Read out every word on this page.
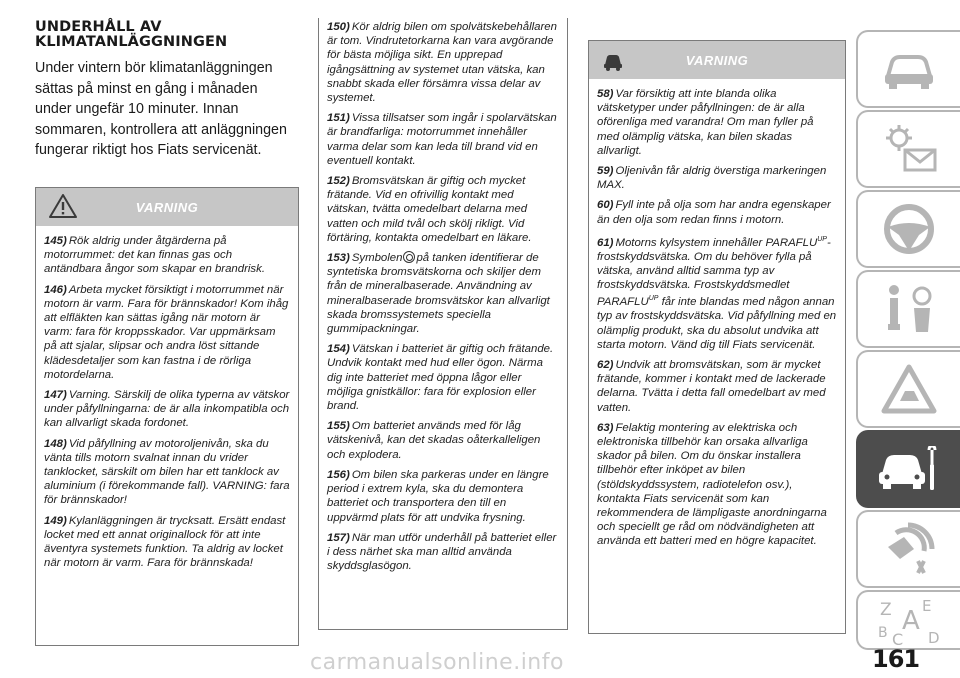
UNDERHÅLL AV
KLIMATANLÄGGNINGEN

Under vintern bör klimatanläggningen sättas på minst en gång i månaden under ungefär 10 minuter. Innan sommaren, kontrollera att anläggningen fungerar riktigt hos Fiats servicenät.

VARNING

145) Rök aldrig under åtgärderna på motorrummet: det kan finnas gas och antändbara ångor som skapar en brandrisk.

146) Arbeta mycket försiktigt i motorrummet när motorn är varm. Fara för brännskador! Kom ihåg att elfläkten kan sättas igång när motorn är varm: fara för kroppsskador. Var uppmärksam på att sjalar, slipsar och andra löst sittande klädesdetaljer som kan fastna i de rörliga motordelarna.

147) Varning. Särskilj de olika typerna av vätskor under påfyllningarna: de är alla inkompatibla och kan allvarligt skada fordonet.

148) Vid påfyllning av motoroljenivån, ska du vänta tills motorn svalnat innan du vrider tanklocket, särskilt om bilen har ett tanklock av aluminium (i förekommande fall). VARNING: fara för brännskador!

149) Kylanläggningen är trycksatt. Ersätt endast locket med ett annat originallock för att inte äventyra systemets funktion. Ta aldrig av locket när motorn är varm. Fara för brännskada!

150) Kör aldrig bilen om spolvätskebehållaren är tom. Vindrutetorkarna kan vara avgörande för bästa möjliga sikt. En upprepad igångsättning av systemet utan vätska, kan snabbt skada eller försämra vissa delar av systemet.

151) Vissa tillsatser som ingår i spolarvätskan är brandfarliga: motorrummet innehåller varma delar som kan leda till brand vid en eventuell kontakt.

152) Bromsvätskan är giftig och mycket frätande. Vid en ofrivillig kontakt med vätskan, tvätta omedelbart delarna med vatten och mild tvål och skölj rikligt. Vid förtäring, kontakta omedelbart en läkare.

153) Symbolen på tanken identifierar de syntetiska bromsvätskorna och skiljer dem från de mineralbaserade. Användning av mineralbaserade bromsvätskor kan allvarligt skada bromssystemets speciella gummipackningar.

154) Vätskan i batteriet är giftig och frätande. Undvik kontakt med hud eller ögon. Närma dig inte batteriet med öppna lågor eller möjliga gnistkällor: fara för explosion eller brand.

155) Om batteriet används med för låg vätskenivå, kan det skadas oåterkalleligen och explodera.

156) Om bilen ska parkeras under en längre period i extrem kyla, ska du demontera batteriet och transportera den till en uppvärmd plats för att undvika frysning.

157) När man utför underhåll på batteriet eller i dess närhet ska man alltid använda skyddsglasögon.

VARNING

58) Var försiktig att inte blanda olika vätsketyper under påfyllningen: de är alla oförenliga med varandra! Om man fyller på med olämplig vätska, kan bilen skadas allvarligt.

59) Oljenivån får aldrig överstiga markeringen MAX.

60) Fyll inte på olja som har andra egenskaper än den olja som redan finns i motorn.

61) Motorns kylsystem innehåller $PARAFLU^{UP}$-frostskyddsvätska. Om du behöver fylla på vätska, använd alltid samma typ av frostskyddsvätska. Frostskyddsmedlet $PARAFLU^{UP}$ får inte blandas med någon annan typ av frostskyddsvätska. Vid påfyllning med en olämplig produkt, ska du absolut undvika att starta motorn. Vänd dig till Fiats servicenät.

62) Undvik att bromsvätskan, som är mycket frätande, kommer i kontakt med de lackerade delarna. Tvätta i detta fall omedelbart av med vatten.

63) Felaktig montering av elektriska och elektroniska tillbehör kan orsaka allvarliga skador på bilen. Om du önskar installera tillbehör efter inköpet av bilen (stöldskyddssystem, radiotelefon osv.), kontakta Fiats servicenät som kan rekommendera de lämpligaste anordningarna och speciellt ge råd om nödvändigheten att använda ett batteri med en högre kapacitet.

Z E
A
B C D
161
carmanualsonline.info
